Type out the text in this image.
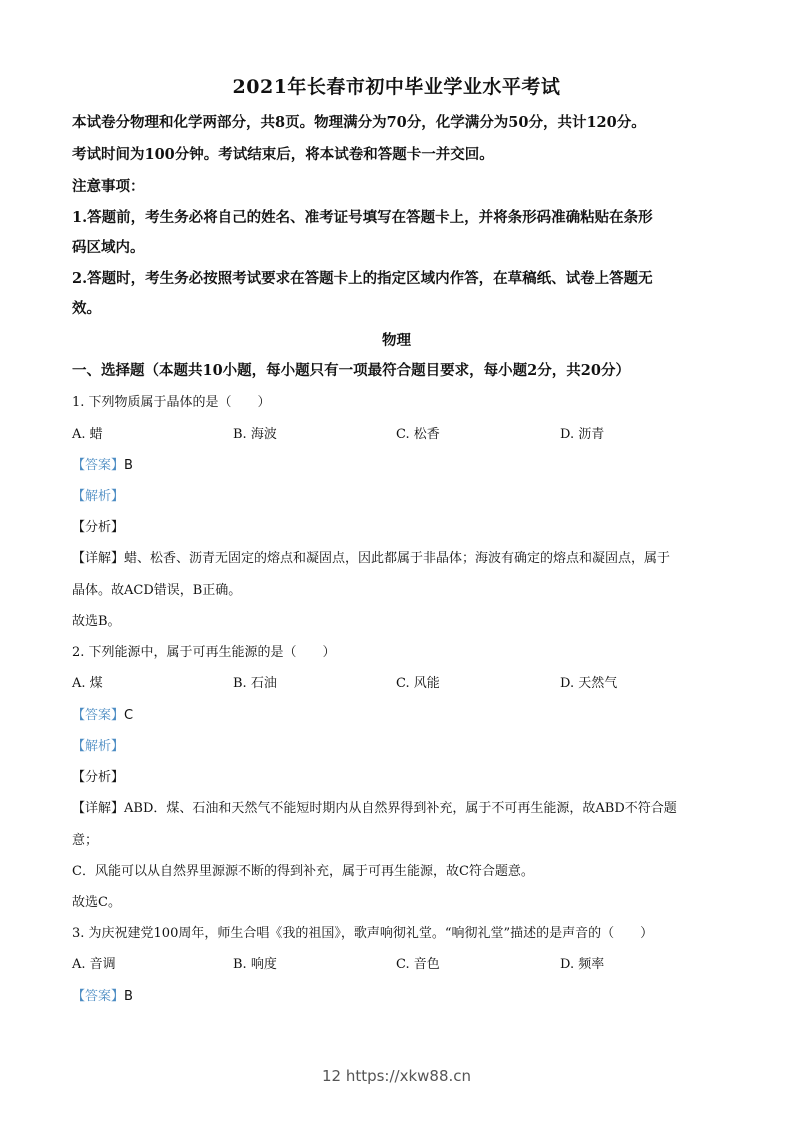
2021年长春市初中毕业学业水平考试
本试卷分物理和化学两部分，共8页。物理满分为70分，化学满分为50分，共计120分。
考试时间为100分钟。考试结束后，将本试卷和答题卡一并交回。
注意事项：
1.答题前，考生务必将自己的姓名、准考证号填写在答题卡上，并将条形码准确粘贴在条形
码区域内。
2.答题时，考生务必按照考试要求在答题卡上的指定区域内作答，在草稿纸、试卷上答题无
效。
物理
一、选择题（本题共10小题，每小题只有一项最符合题目要求，每小题2分，共20分）
1. 下列物质属于晶体的是（　　）
A. 蜡	B. 海波	C. 松香	D. 沥青
【答案】B
【解析】
【分析】
【详解】蜡、松香、沥青无固定的熔点和凝固点，因此都属于非晶体；海波有确定的熔点和凝固点，属于
晶体。故ACD错误，B正确。
故选B。
2. 下列能源中，属于可再生能源的是（　　）
A. 煤	B. 石油	C. 风能	D. 天然气
【答案】C
【解析】
【分析】
【详解】ABD．煤、石油和天然气不能短时期内从自然界得到补充，属于不可再生能源，故ABD不符合题
意；
C．风能可以从自然界里源源不断的得到补充，属于可再生能源，故C符合题意。
故选C。
3. 为庆祝建党100周年，师生合唱《我的祖国》，歌声响彻礼堂。“响彻礼堂”描述的是声音的（　　）
A. 音调	B. 响度	C. 音色	D. 频率
【答案】B
12 https://xkw88.cn
